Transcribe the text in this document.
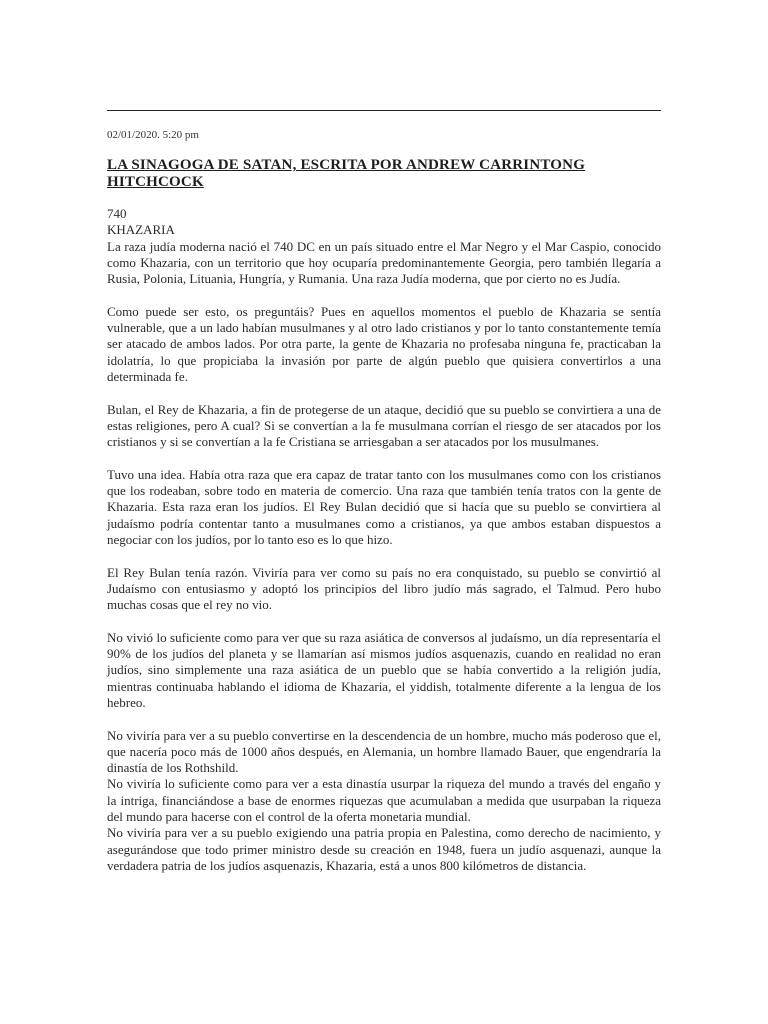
02/01/2020. 5:20 pm
LA SINAGOGA DE SATAN, ESCRITA POR ANDREW CARRINTONG HITCHCOCK
740
KHAZARIA

La raza judía moderna nació el 740 DC en un país situado entre el Mar Negro y el Mar Caspio, conocido como Khazaria, con un territorio que hoy ocuparía predominantemente Georgia, pero también llegaría a Rusia, Polonia, Lituania, Hungría, y Rumania. Una raza Judía moderna, que por cierto no es Judía.

Como puede ser esto, os preguntáis? Pues en aquellos momentos el pueblo de Khazaria se sentía vulnerable, que a un lado habían musulmanes y al otro lado cristianos y por lo tanto constantemente temía ser atacado de ambos lados. Por otra parte, la gente de Khazaria no profesaba ninguna fe, practicaban la idolatría, lo que propiciaba la invasión por parte de algún pueblo que quisiera convertirlos a una determinada fe.

Bulan, el Rey de Khazaria, a fin de protegerse de un ataque, decidió que su pueblo se convirtiera a una de estas religiones, pero A cual? Si se convertían a la fe musulmana corrían el riesgo de ser atacados por los cristianos y si se convertían a la fe Cristiana se arriesgaban a ser atacados por los musulmanes.

Tuvo una idea. Había otra raza que era capaz de tratar tanto con los musulmanes como con los cristianos que los rodeaban, sobre todo en materia de comercio. Una raza que también tenía tratos con la gente de Khazaria. Esta raza eran los judíos. El Rey Bulan decidió que si hacía que su pueblo se convirtiera al judaísmo podría contentar tanto a musulmanes como a cristianos, ya que ambos estaban dispuestos a negociar con los judíos, por lo tanto eso es lo que hizo.

El Rey Bulan tenía razón. Viviría para ver como su país no era conquistado, su pueblo se convirtió al Judaísmo con entusiasmo y adoptó los principios del libro judío más sagrado, el Talmud. Pero hubo muchas cosas que el rey no vio.

No vivió lo suficiente como para ver que su raza asiática de conversos al judaísmo, un día representaría el 90% de los judíos del planeta y se llamarían así mismos judíos asquenazis, cuando en realidad no eran judíos, sino simplemente una raza asiática de un pueblo que se había convertido a la religión judía, mientras continuaba hablando el idioma de Khazaria, el yiddish, totalmente diferente a la lengua de los hebreo.

No viviría para ver a su pueblo convertirse en la descendencia de un hombre, mucho más poderoso que el, que nacería poco más de 1000 años después, en Alemania, un hombre llamado Bauer, que engendraría la dinastía de los Rothshild.

No viviría lo suficiente como para ver a esta dinastía usurpar la riqueza del mundo a través del engaño y la intriga, financiándose a base de enormes riquezas que acumulaban a medida que usurpaban la riqueza del mundo para hacerse con el control de la oferta monetaria mundial.

No viviría para ver a su pueblo exigiendo una patria propia en Palestina, como derecho de nacimiento, y asegurándose que todo primer ministro desde su creación en 1948, fuera un judío asquenazi, aunque la verdadera patria de los judíos asquenazis, Khazaria, está a unos 800 kilómetros de distancia.
